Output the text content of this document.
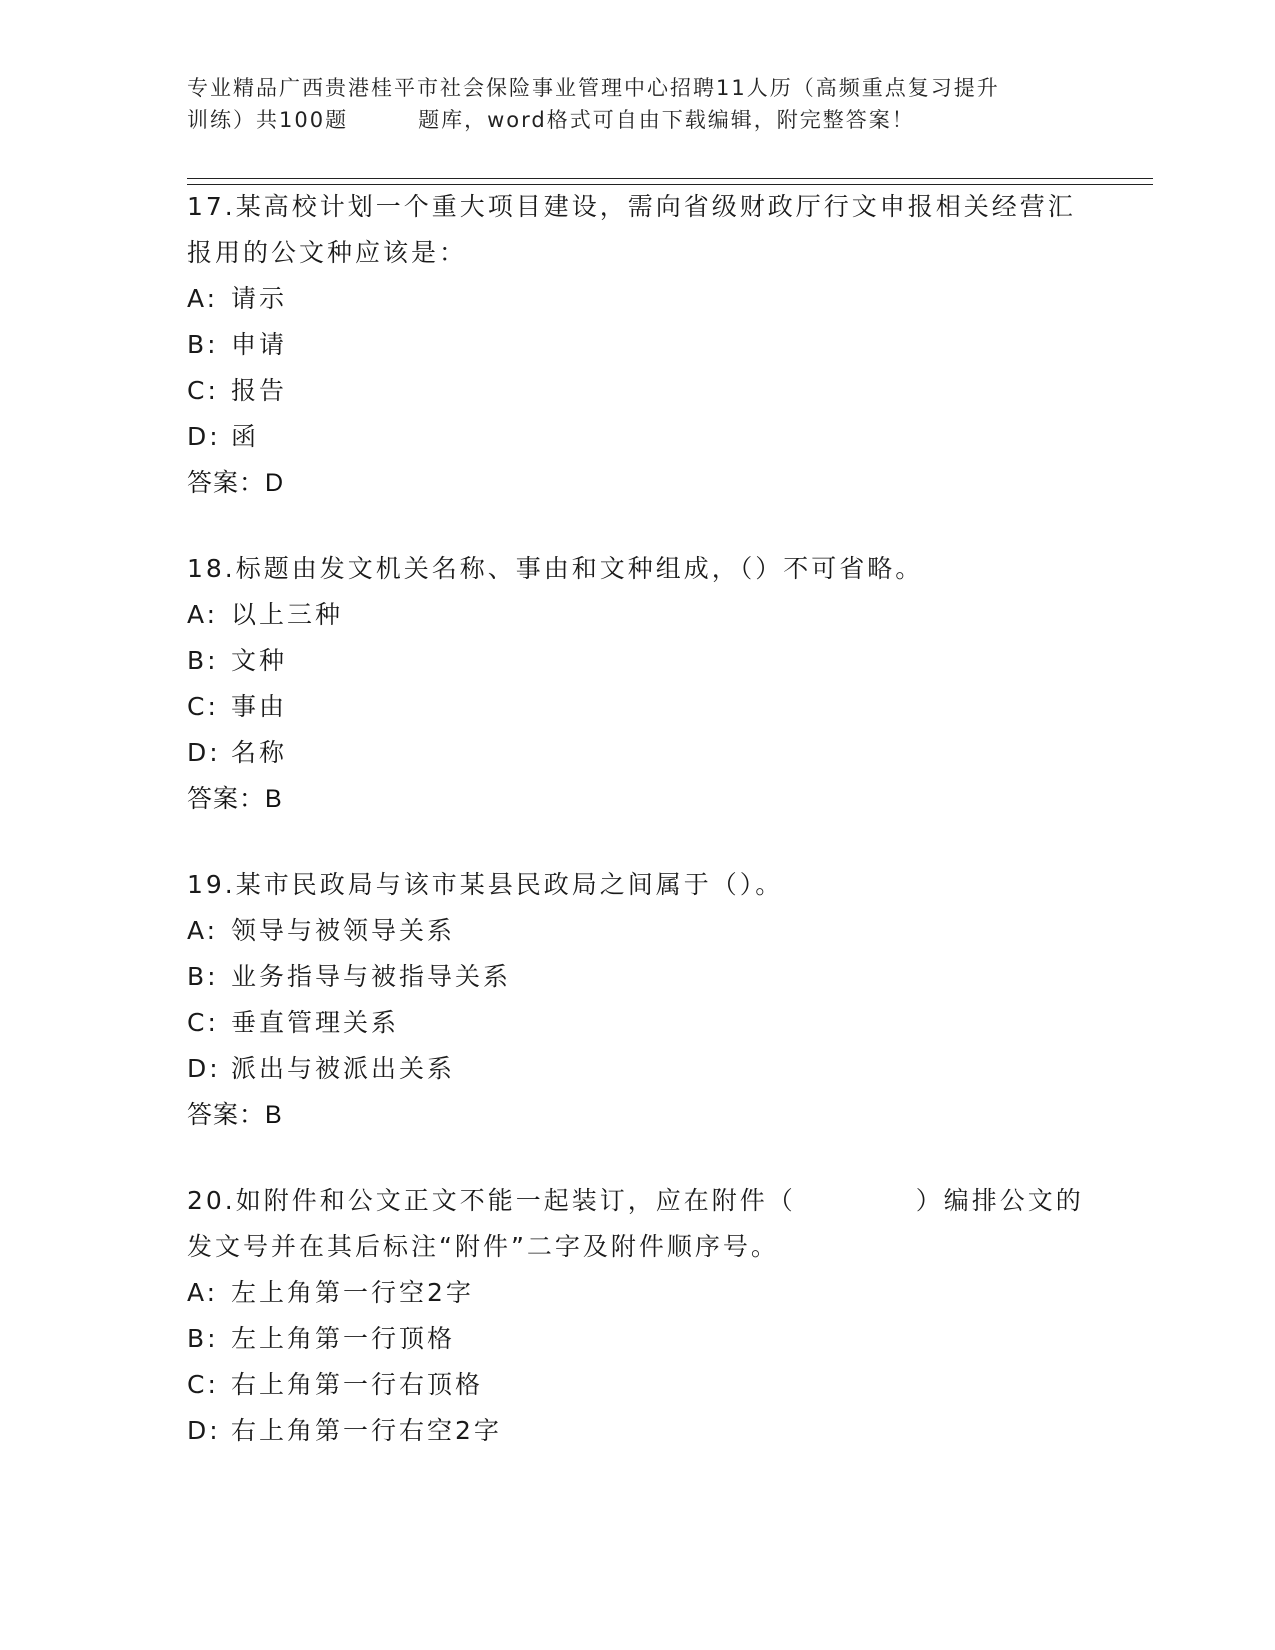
专业精品广西贵港桂平市社会保险事业管理中心招聘11人历（高频重点复习提升

训练）共100题	题库，word格式可自由下载编辑，附完整答案！

17.某高校计划一个重大项目建设，需向省级财政厅行文申报相关经营汇报用的公文种应该是：

A: 请示

B: 申请

C: 报告

D: 函

答案：D

18.标题由发文机关名称、事由和文种组成，（）不可省略。

A: 以上三种

B: 文种

C: 事由

D: 名称

答案：B

19.某市民政局与该市某县民政局之间属于（）。

A: 领导与被领导关系

B: 业务指导与被指导关系

C: 垂直管理关系

D: 派出与被派出关系

答案：B

20.如附件和公文正文不能一起装订，应在附件（	）编排公文的发文号并在其后标注“附件”二字及附件顺序号。

A: 左上角第一行空2字

B: 左上角第一行顶格

C: 右上角第一行右顶格

D: 右上角第一行右空2字
